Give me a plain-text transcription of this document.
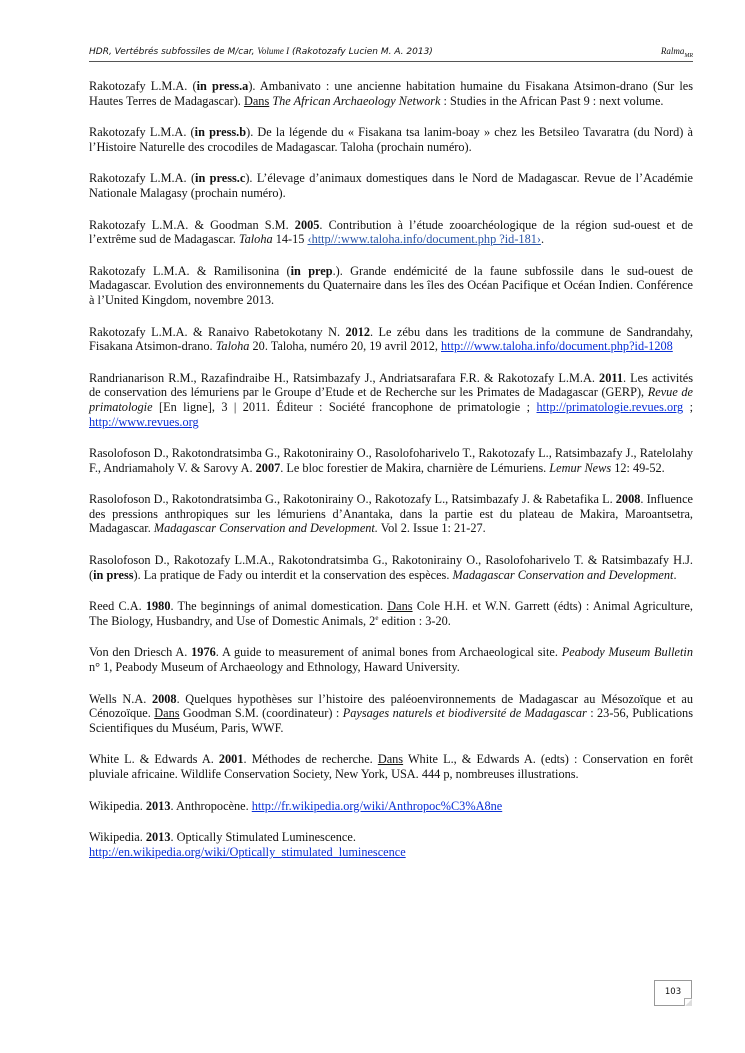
HDR, Vertébrés subfossiles de M/car, Volume I (Rakotozafy Lucien M. A. 2013)	Ralma$_{MR}$

Rakotozafy L.M.A. (in press.a). Ambanivato : une ancienne habitation humaine du Fisakana Atsimon-drano (Sur les Hautes Terres de Madagascar). Dans The African Archaeology Network : Studies in the African Past 9 : next volume.

Rakotozafy L.M.A. (in press.b). De la légende du « Fisakana tsa lanim-boay » chez les Betsileo Tavaratra (du Nord) à l’Histoire Naturelle des crocodiles de Madagascar. Taloha (prochain numéro).

Rakotozafy L.M.A. (in press.c). L’élevage d’animaux domestiques dans le Nord de Madagascar. Revue de l’Académie Nationale Malagasy (prochain numéro).

Rakotozafy L.M.A. & Goodman S.M. 2005. Contribution à l’étude zooarchéologique de la région sud-ouest et de l’extrême sud de Madagascar. Taloha 14-15 ‹http//:www.taloha.info/document.php ?id-181›.

Rakotozafy L.M.A. & Ramilisonina (in prep.). Grande endémicité de la faune subfossile dans le sud-ouest de Madagascar. Evolution des environnements du Quaternaire dans les îles des Océan Pacifique et Océan Indien. Conférence à l’United Kingdom, novembre 2013.

Rakotozafy L.M.A. & Ranaivo Rabetokotany N. 2012. Le zébu dans les traditions de la commune de Sandrandahy, Fisakana Atsimon-drano. Taloha 20. Taloha, numéro 20, 19 avril 2012, http:///www.taloha.info/document.php?id-1208

Randrianarison R.M., Razafindraibe H., Ratsimbazafy J., Andriatsarafara F.R. & Rakotozafy L.M.A. 2011. Les activités de conservation des lémuriens par le Groupe d’Etude et de Recherche sur les Primates de Madagascar (GERP), Revue de primatologie [En ligne], 3 | 2011. Éditeur : Société francophone de primatologie ; http://primatologie.revues.org ; http://www.revues.org

Rasolofoson D., Rakotondratsimba G., Rakotonirainy O., Rasolofoharivelo T., Rakotozafy L., Ratsimbazafy J., Ratelolahy F., Andriamaholy V. & Sarovy A. 2007. Le bloc forestier de Makira, charnière de Lémuriens. Lemur News 12: 49-52.

Rasolofoson D., Rakotondratsimba G., Rakotonirainy O., Rakotozafy L., Ratsimbazafy J. & Rabetafika L. 2008. Influence des pressions anthropiques sur les lémuriens d’Anantaka, dans la partie est du plateau de Makira, Maroantsetra, Madagascar. Madagascar Conservation and Development. Vol 2. Issue 1: 21-27.

Rasolofoson D., Rakotozafy L.M.A., Rakotondratsimba G., Rakotonirainy O., Rasolofoharivelo T. & Ratsimbazafy H.J. (in press). La pratique de Fady ou interdit et la conservation des espèces. Madagascar Conservation and Development.

Reed C.A. 1980. The beginnings of animal domestication. Dans Cole H.H. et W.N. Garrett (édts) : Animal Agriculture, The Biology, Husbandry, and Use of Domestic Animals, 2e edition : 3-20.

Von den Driesch A. 1976. A guide to measurement of animal bones from Archaeological site. Peabody Museum Bulletin n° 1, Peabody Museum of Archaeology and Ethnology, Haward University.

Wells N.A. 2008. Quelques hypothèses sur l’histoire des paléoenvironnements de Madagascar au Mésozoïque et au Cénozoïque. Dans Goodman S.M. (coordinateur) : Paysages naturels et biodiversité de Madagascar : 23-56, Publications Scientifiques du Muséum, Paris, WWF.

White L. & Edwards A. 2001. Méthodes de recherche. Dans White L., & Edwards A. (edts) : Conservation en forêt pluviale africaine. Wildlife Conservation Society, New York, USA. 444 p, nombreuses illustrations.

Wikipedia. 2013. Anthropocène. http://fr.wikipedia.org/wiki/Anthropoc%C3%A8ne

Wikipedia. 2013. Optically Stimulated Luminescence.
http://en.wikipedia.org/wiki/Optically_stimulated_luminescence

103
